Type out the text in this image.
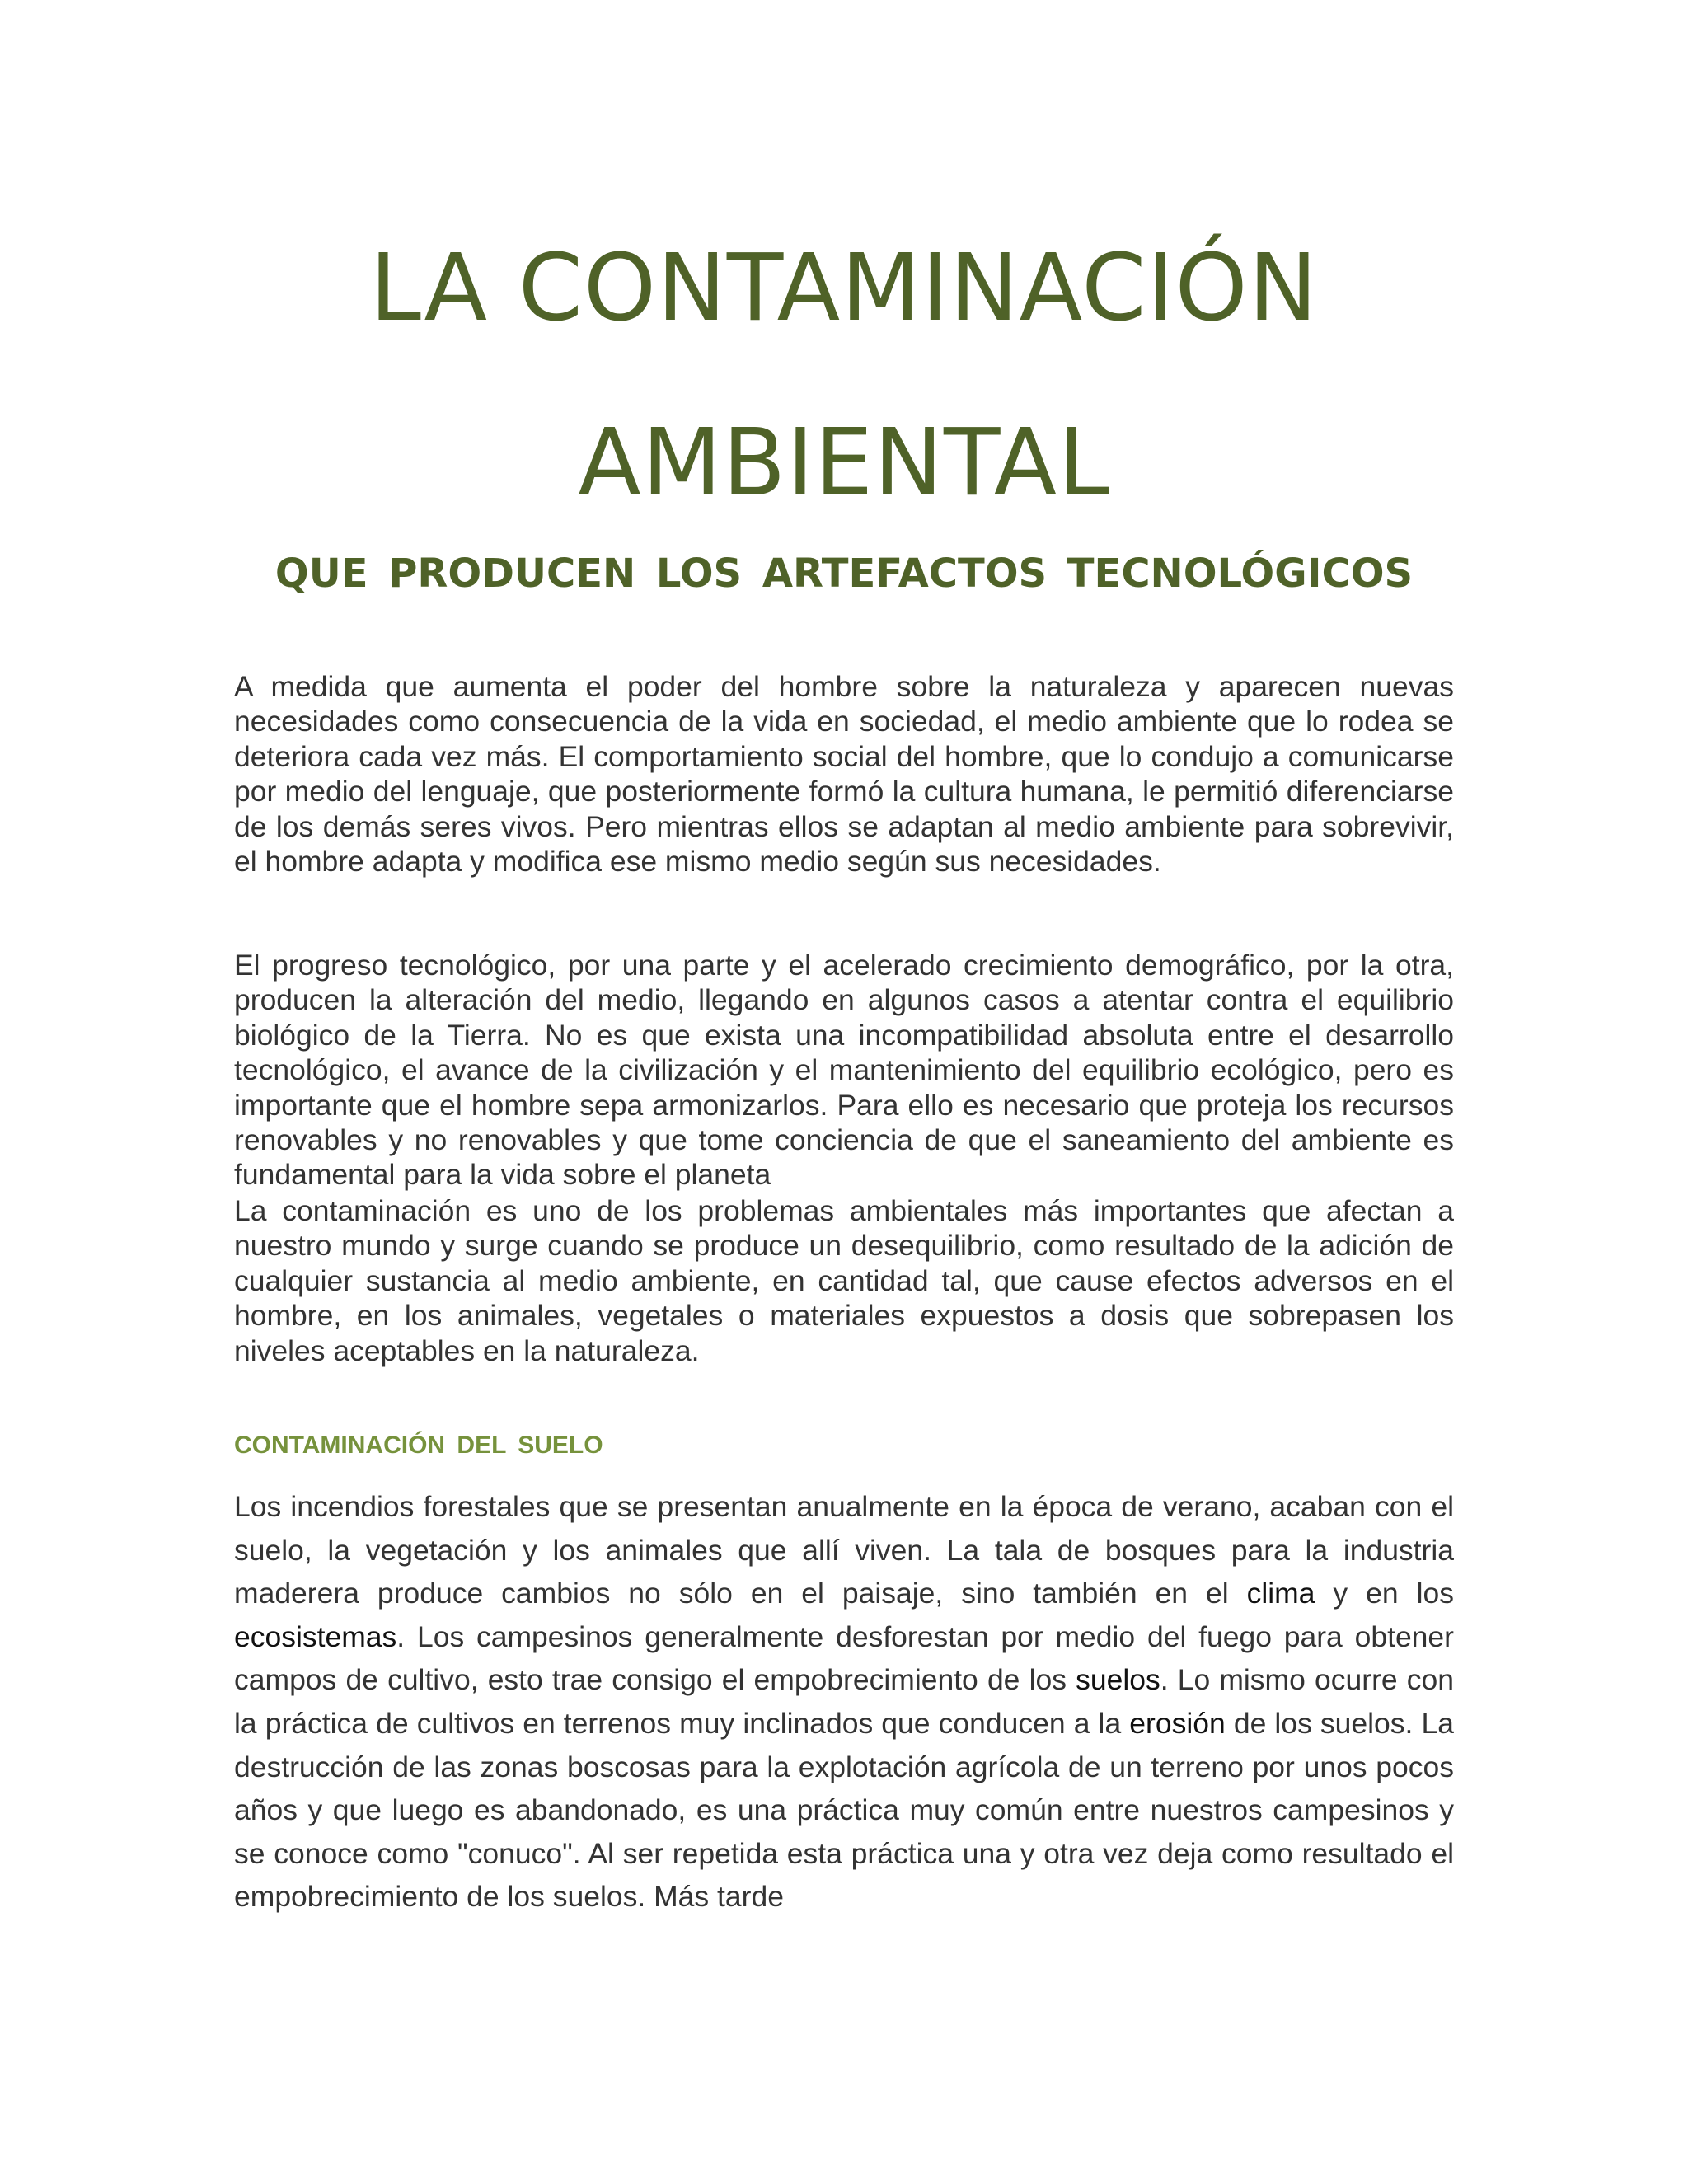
LA CONTAMINACIÓN
AMBIENTAL
QUE PRODUCEN LOS ARTEFACTOS TECNOLÓGICOS

A medida que aumenta el poder del hombre sobre la naturaleza y aparecen nuevas necesidades como consecuencia de la vida en sociedad, el medio ambiente que lo rodea se deteriora cada vez más. El comportamiento social del hombre, que lo condujo a comunicarse por medio del lenguaje, que posteriormente formó la cultura humana, le permitió diferenciarse de los demás seres vivos. Pero mientras ellos se adaptan al medio ambiente para sobrevivir, el hombre adapta y modifica ese mismo medio según sus necesidades.

El progreso tecnológico, por una parte y el acelerado crecimiento demográfico, por la otra, producen la alteración del medio, llegando en algunos casos a atentar contra el equilibrio biológico de la Tierra. No es que exista una incompatibilidad absoluta entre el desarrollo tecnológico, el avance de la civilización y el mantenimiento del equilibrio ecológico, pero es importante que el hombre sepa armonizarlos. Para ello es necesario que proteja los recursos renovables y no renovables y que tome conciencia de que el saneamiento del ambiente es fundamental para la vida sobre el planeta

La contaminación es uno de los problemas ambientales más importantes que afectan a nuestro mundo y surge cuando se produce un desequilibrio, como resultado de la adición de cualquier sustancia al medio ambiente, en cantidad tal, que cause efectos adversos en el hombre, en los animales, vegetales o materiales expuestos a dosis que sobrepasen los niveles aceptables en la naturaleza.

CONTAMINACIÓN DEL SUELO

Los incendios forestales que se presentan anualmente en la época de verano, acaban con el suelo, la vegetación y los animales que allí viven. La tala de bosques para la industria maderera produce cambios no sólo en el paisaje, sino también en el clima y en los ecosistemas. Los campesinos generalmente desforestan por medio del fuego para obtener campos de cultivo, esto trae consigo el empobrecimiento de los suelos. Lo mismo ocurre con la práctica de cultivos en terrenos muy inclinados que conducen a la erosión de los suelos. La destrucción de las zonas boscosas para la explotación agrícola de un terreno por unos pocos años y que luego es abandonado, es una práctica muy común entre nuestros campesinos y se conoce como "conuco". Al ser repetida esta práctica una y otra vez deja como resultado el empobrecimiento de los suelos. Más tarde
